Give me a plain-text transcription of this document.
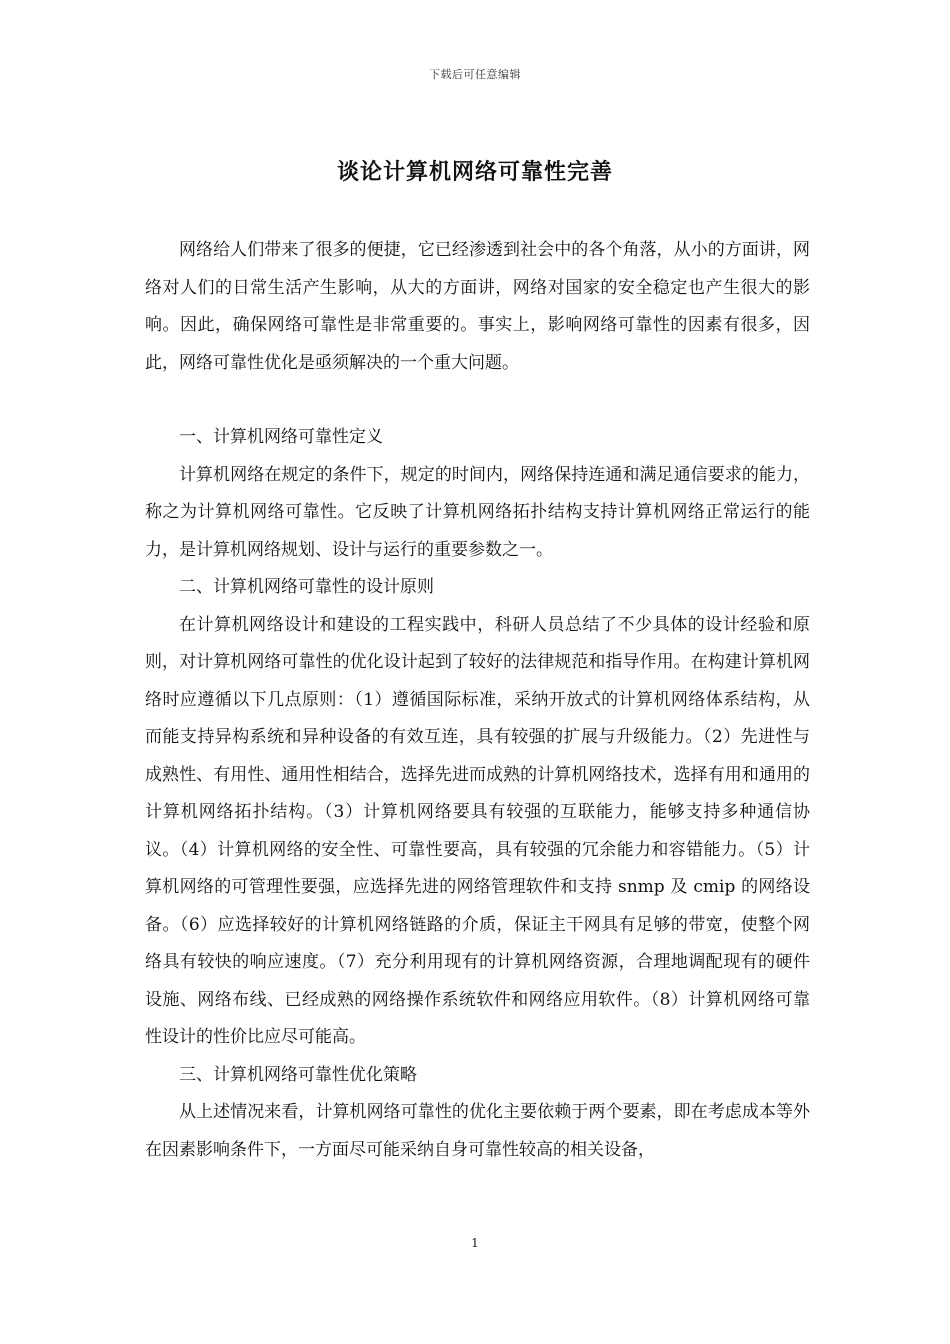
下载后可任意编辑
谈论计算机网络可靠性完善

网络给人们带来了很多的便捷，它已经渗透到社会中的各个角落，从小的方面讲，网络对人们的日常生活产生影响，从大的方面讲，网络对国家的安全稳定也产生很大的影响。因此，确保网络可靠性是非常重要的。事实上，影响网络可靠性的因素有很多，因此，网络可靠性优化是亟须解决的一个重大问题。

一、计算机网络可靠性定义

计算机网络在规定的条件下，规定的时间内，网络保持连通和满足通信要求的能力，称之为计算机网络可靠性。它反映了计算机网络拓扑结构支持计算机网络正常运行的能力，是计算机网络规划、设计与运行的重要参数之一。

二、计算机网络可靠性的设计原则

在计算机网络设计和建设的工程实践中，科研人员总结了不少具体的设计经验和原则，对计算机网络可靠性的优化设计起到了较好的法律规范和指导作用。在构建计算机网络时应遵循以下几点原则：（1）遵循国际标准，采纳开放式的计算机网络体系结构，从而能支持异构系统和异种设备的有效互连，具有较强的扩展与升级能力。（2）先进性与成熟性、有用性、通用性相结合，选择先进而成熟的计算机网络技术，选择有用和通用的计算机网络拓扑结构。（3）计算机网络要具有较强的互联能力，能够支持多种通信协议。（4）计算机网络的安全性、可靠性要高，具有较强的冗余能力和容错能力。（5）计算机网络的可管理性要强，应选择先进的网络管理软件和支持 snmp 及 cmip 的网络设备。（6）应选择较好的计算机网络链路的介质，保证主干网具有足够的带宽，使整个网络具有较快的响应速度。（7）充分利用现有的计算机网络资源，合理地调配现有的硬件设施、网络布线、已经成熟的网络操作系统软件和网络应用软件。（8）计算机网络可靠性设计的性价比应尽可能高。

三、计算机网络可靠性优化策略

从上述情况来看，计算机网络可靠性的优化主要依赖于两个要素，即在考虑成本等外在因素影响条件下，一方面尽可能采纳自身可靠性较高的相关设备，

1
